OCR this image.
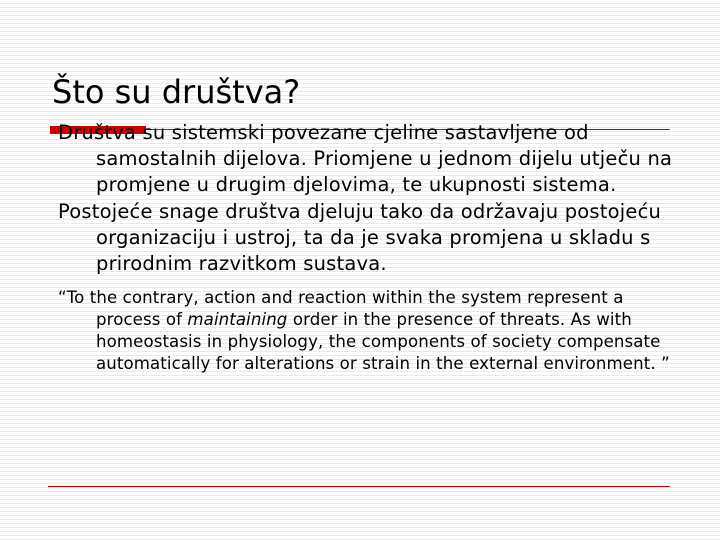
Što su društva?

Društva su sistemski povezane cjeline sastavljene od samostalnih dijelova. Priomjene u jednom dijelu utječu na promjene u drugim djelovima, te ukupnosti sistema.

Postojeće snage društva djeluju tako da održavaju postojeću organizaciju i ustroj, ta da je svaka promjena u skladu s prirodnim razvitkom sustava.

“To the contrary, action and reaction within the system represent a process of maintaining order in the presence of threats. As with homeostasis in physiology, the components of society compensate automatically for alterations or strain in the external environment. ”
